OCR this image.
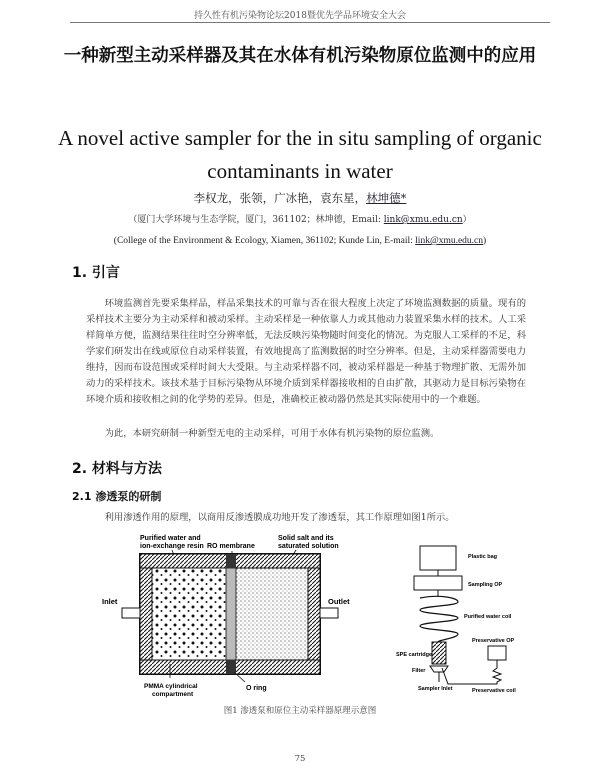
持久性有机污染物论坛2018暨优先学品环境安全大会
一种新型主动采样器及其在水体有机污染物原位监测中的应用
A novel active sampler for the in situ sampling of organic contaminants in water
李权龙，张领，广冰艳，袁东星，林坤德*
（厦门大学环境与生态学院，厦门，361102；林坤德，Email: link@xmu.edu.cn）
(College of the Environment & Ecology, Xiamen, 361102; Kunde Lin, E-mail: link@xmu.edu.cn)
1. 引言
环境监测首先要采集样品，样品采集技术的可靠与否在很大程度上决定了环境监测数据的质量。现有的采样技术主要分为主动采样和被动采样。主动采样是一种依靠人力或其他动力装置采集水样的技术。人工采样简单方便，监测结果往往时空分辨率低，无法反映污染物随时间变化的情况。为克服人工采样的不足，科学家们研发出在线或原位自动采样装置，有效地提高了监测数据的时空分辨率。但是，主动采样器需要电力维持，因而布设范围或采样时间大大受限。与主动采样器不同，被动采样器是一种基于物理扩散、无需外加动力的采样技术。该技术基于目标污染物从环境介质到采样器接收相的自由扩散，其驱动力是目标污染物在环境介质和接收相之间的化学势的差异。但是，准确校正被动器仍然是其实际使用中的一个难题。
为此，本研究研制一种新型无电的主动采样，可用于水体有机污染物的原位监测。
2. 材料与方法
2.1 渗透泵的研制
利用渗透作用的原理，以商用反渗透膜成功地开发了渗透泵，其工作原理如图1所示。
Purified water and
ion-exchange resin RO membrane
Solid salt and its
saturated solution
Inlet	Outlet
PMMA cylindrical
compartment
O ring
Plastic bag
Sampling OP
Purified water coil
SPE cartridge
Filter
Sampler Inlet
Preservative OP
Preservative coil
图1 渗透泵和原位主动采样器原理示意图
75
